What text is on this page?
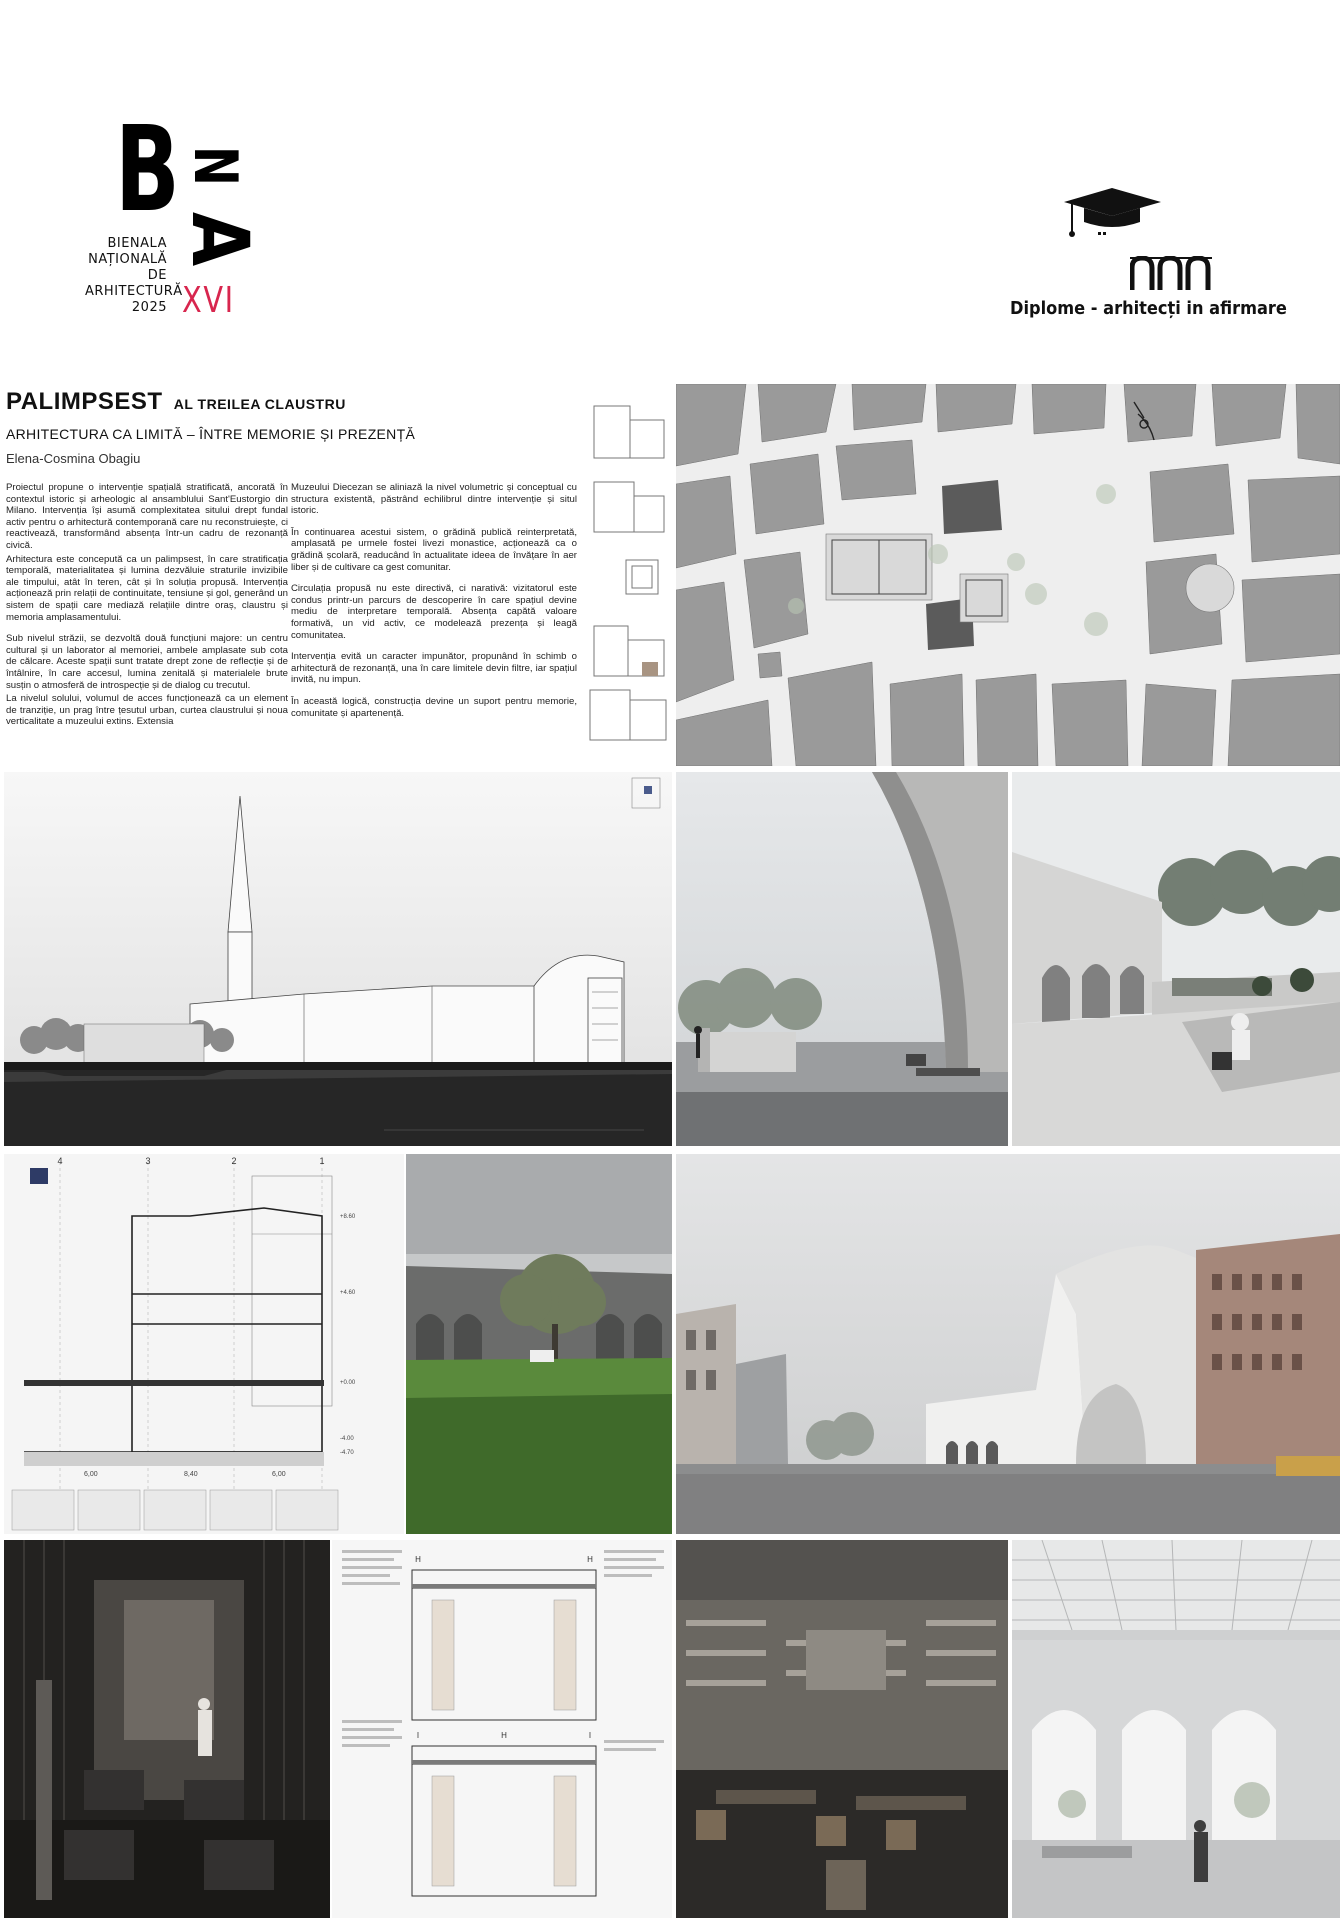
B N
A
BIENALA
NAȚIONALĂ
DE
ARHITECTURĂ
2025 XVI	Diplome - arhitecți in afirmare
PALIMPSEST AL TREILEA CLAUSTRU
ARHITECTURA CA LIMITĂ – ÎNTRE MEMORIE ȘI PREZENȚĂ
Elena-Cosmina Obagiu

Proiectul propune o intervenție spațială stratificată, ancorată în contextul istoric și arheologic al ansamblului Sant'Eustorgio din Milano. Intervenția își asumă complexitatea sitului drept fundal activ pentru o arhitectură contemporană care nu reconstruiește, ci reactivează, transformând absența într-un cadru de rezonanță civică.

Arhitectura este concepută ca un palimpsest, în care stratificația temporală, materialitatea și lumina dezvăluie straturile invizibile ale timpului, atât în teren, cât și în soluția propusă. Intervenția acționează prin relații de continuitate, tensiune și gol, generând un sistem de spații care mediază relațiile dintre oraș, claustru și memoria amplasamentului.

Sub nivelul străzii, se dezvoltă două funcțiuni majore: un centru cultural și un laborator al memoriei, ambele amplasate sub cota de călcare. Aceste spații sunt tratate drept zone de reflecție și de întâlnire, în care accesul, lumina zenitală și materialele brute susțin o atmosferă de introspecție și de dialog cu trecutul.

La nivelul solului, volumul de acces funcționează ca un element de tranziție, un prag între țesutul urban, curtea claustrului și noua verticalitate a muzeului extins. Extensia

Muzeului Diecezan se aliniază la nivel volumetric și conceptual cu structura existentă, păstrând echilibrul dintre intervenție și situl istoric.

În continuarea acestui sistem, o grădină publică reinterpretată, amplasată pe urmele fostei livezi monastice, acționează ca o grădină școlară, readucând în actualitate ideea de învățare în aer liber și de cultivare ca gest comunitar.

Circulația propusă nu este directivă, ci narativă: vizitatorul este condus printr-un parcurs de descoperire în care spațiul devine mediu de interpretare temporală. Absența capătă valoare formativă, un vid activ, ce modelează prezența și leagă comunitatea.

Intervenția evită un caracter impunător, propunând în schimb o arhitectură de rezonanță, una în care limitele devin filtre, iar spațiul invită, nu impun.

În această logică, construcția devine un suport pentru memorie, comunitate și apartenență.

4	3	2	1
6,00	8,40	6,00
+8.60
+4.60
+0.00
-4.00
-4.70
H	H
I	I
H
